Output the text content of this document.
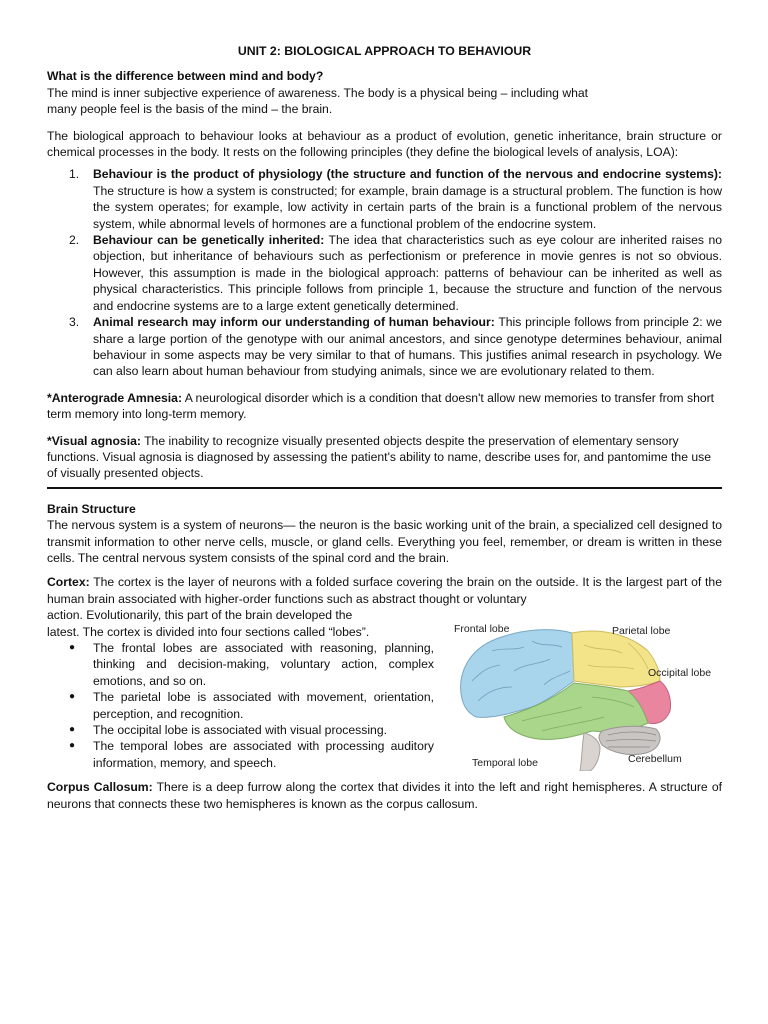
UNIT 2: BIOLOGICAL APPROACH TO BEHAVIOUR

What is the difference between mind and body?

The mind is inner subjective experience of awareness. The body is a physical being – including what
many people feel is the basis of the mind – the brain.

The biological approach to behaviour looks at behaviour as a product of evolution, genetic inheritance, brain structure or chemical processes in the body. It rests on the following principles (they define the biological levels of analysis, LOA):

1. Behaviour is the product of physiology (the structure and function of the nervous and endocrine systems): The structure is how a system is constructed; for example, brain damage is a structural problem. The function is how the system operates; for example, low activity in certain parts of the brain is a functional problem of the nervous system, while abnormal levels of hormones are a functional problem of the endocrine system.
2. Behaviour can be genetically inherited: The idea that characteristics such as eye colour are inherited raises no objection, but inheritance of behaviours such as perfectionism or preference in movie genres is not so obvious. However, this assumption is made in the biological approach: patterns of behaviour can be inherited as well as physical characteristics. This principle follows from principle 1, because the structure and function of the nervous and endocrine systems are to a large extent genetically determined.
3. Animal research may inform our understanding of human behaviour: This principle follows from principle 2: we share a large portion of the genotype with our animal ancestors, and since genotype determines behaviour, animal behaviour in some aspects may be very similar to that of humans. This justifies animal research in psychology. We can also learn about human behaviour from studying animals, since we are evolutionary related to them.

*Anterograde Amnesia: A neurological disorder which is a condition that doesn't allow new memories to transfer from short term memory into long-term memory.

*Visual agnosia: The inability to recognize visually presented objects despite the preservation of elementary sensory functions. Visual agnosia is diagnosed by assessing the patient's ability to name, describe uses for, and pantomime the use of visually presented objects.

Brain Structure

The nervous system is a system of neurons— the neuron is the basic working unit of the brain, a specialized cell designed to transmit information to other nerve cells, muscle, or gland cells. Everything you feel, remember, or dream is written in these cells. The central nervous system consists of the spinal cord and the brain.

Cortex: The cortex is the layer of neurons with a folded surface covering the brain on the outside. It is the largest part of the human brain associated with higher-order functions such as abstract thought or voluntary

action. Evolutionarily, this part of the brain developed the
latest. The cortex is divided into four sections called “lobes”.
● The frontal lobes are associated with reasoning, planning, thinking and decision-making, voluntary action, complex emotions, and so on.
● The parietal lobe is associated with movement, orientation, perception, and recognition.
● The occipital lobe is associated with visual processing.
● The temporal lobes are associated with processing auditory information, memory, and speech.
Frontal lobe	Parietal lobe
Occipital lobe
Temporal lobe	Cerebellum

Corpus Callosum: There is a deep furrow along the cortex that divides it into the left and right hemispheres. A structure of neurons that connects these two hemispheres is known as the corpus callosum.
